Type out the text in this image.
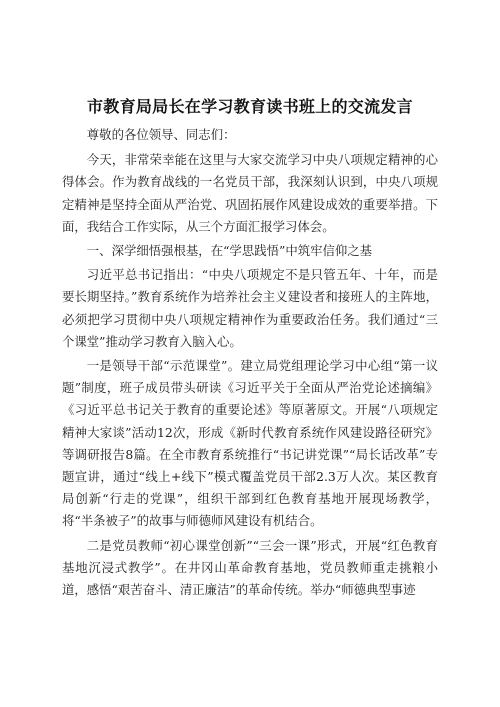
市教育局局长在学习教育读书班上的交流发言

尊敬的各位领导、同志们：

今天，非常荣幸能在这里与大家交流学习中央八项规定精神的心得体会。作为教育战线的一名党员干部，我深刻认识到，中央八项规定精神是坚持全面从严治党、巩固拓展作风建设成效的重要举措。下面，我结合工作实际，从三个方面汇报学习体会。

一、深学细悟强根基，在“学思践悟”中筑牢信仰之基

习近平总书记指出：“中央八项规定不是只管五年、十年，而是要长期坚持。”教育系统作为培养社会主义建设者和接班人的主阵地，必须把学习贯彻中央八项规定精神作为重要政治任务。我们通过“三个课堂”推动学习教育入脑入心。

一是领导干部“示范课堂”。建立局党组理论学习中心组“第一议题”制度，班子成员带头研读《习近平关于全面从严治党论述摘编》《习近平总书记关于教育的重要论述》等原著原文。开展“八项规定精神大家谈”活动12次，形成《新时代教育系统作风建设路径研究》等调研报告8篇。在全市教育系统推行“书记讲党课”“局长话改革”专题宣讲，通过“线上+线下”模式覆盖党员干部2.3万人次。某区教育局创新“行走的党课”，组织干部到红色教育基地开展现场教学，将“半条被子”的故事与师德师风建设有机结合。

二是党员教师“初心课堂创新”“三会一课”形式，开展“红色教育基地沉浸式教学”。在井冈山革命教育基地，党员教师重走挑粮小道，感悟“艰苦奋斗、清正廉洁”的革命传统。举办“师德典型事迹
